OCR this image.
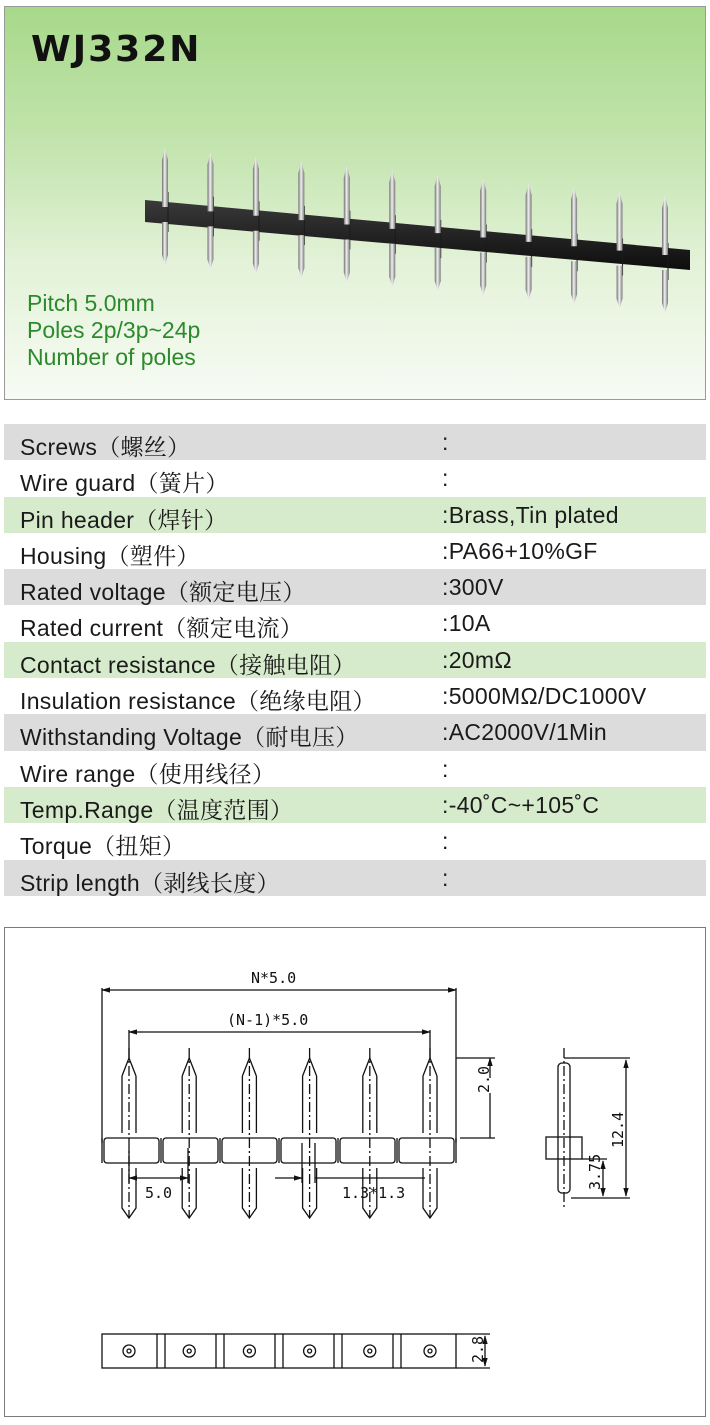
WJ332N
Pitch 5.0mm
Poles 2p/3p~24p
Number of poles
Screws（螺丝）	:
Wire guard（簧片）	:
Pin header（焊针）	:Brass,Tin plated
Housing（塑件）	:PA66+10%GF
Rated voltage（额定电压）	:300V
Rated current（额定电流）	:10A
Contact resistance（接触电阻）	:20mΩ
Insulation resistance（绝缘电阻）	:5000MΩ/DC1000V
Withstanding Voltage（耐电压）	:AC2000V/1Min
Wire range（使用线径）	:
Temp.Range（温度范围）	:-40˚C~+105˚C
Torque（扭矩）	:
Strip length（剥线长度）	:
N*5.0
(N-1)*5.0
5.0	1.3*1.3
2.0
12.4
3.75
2.8
